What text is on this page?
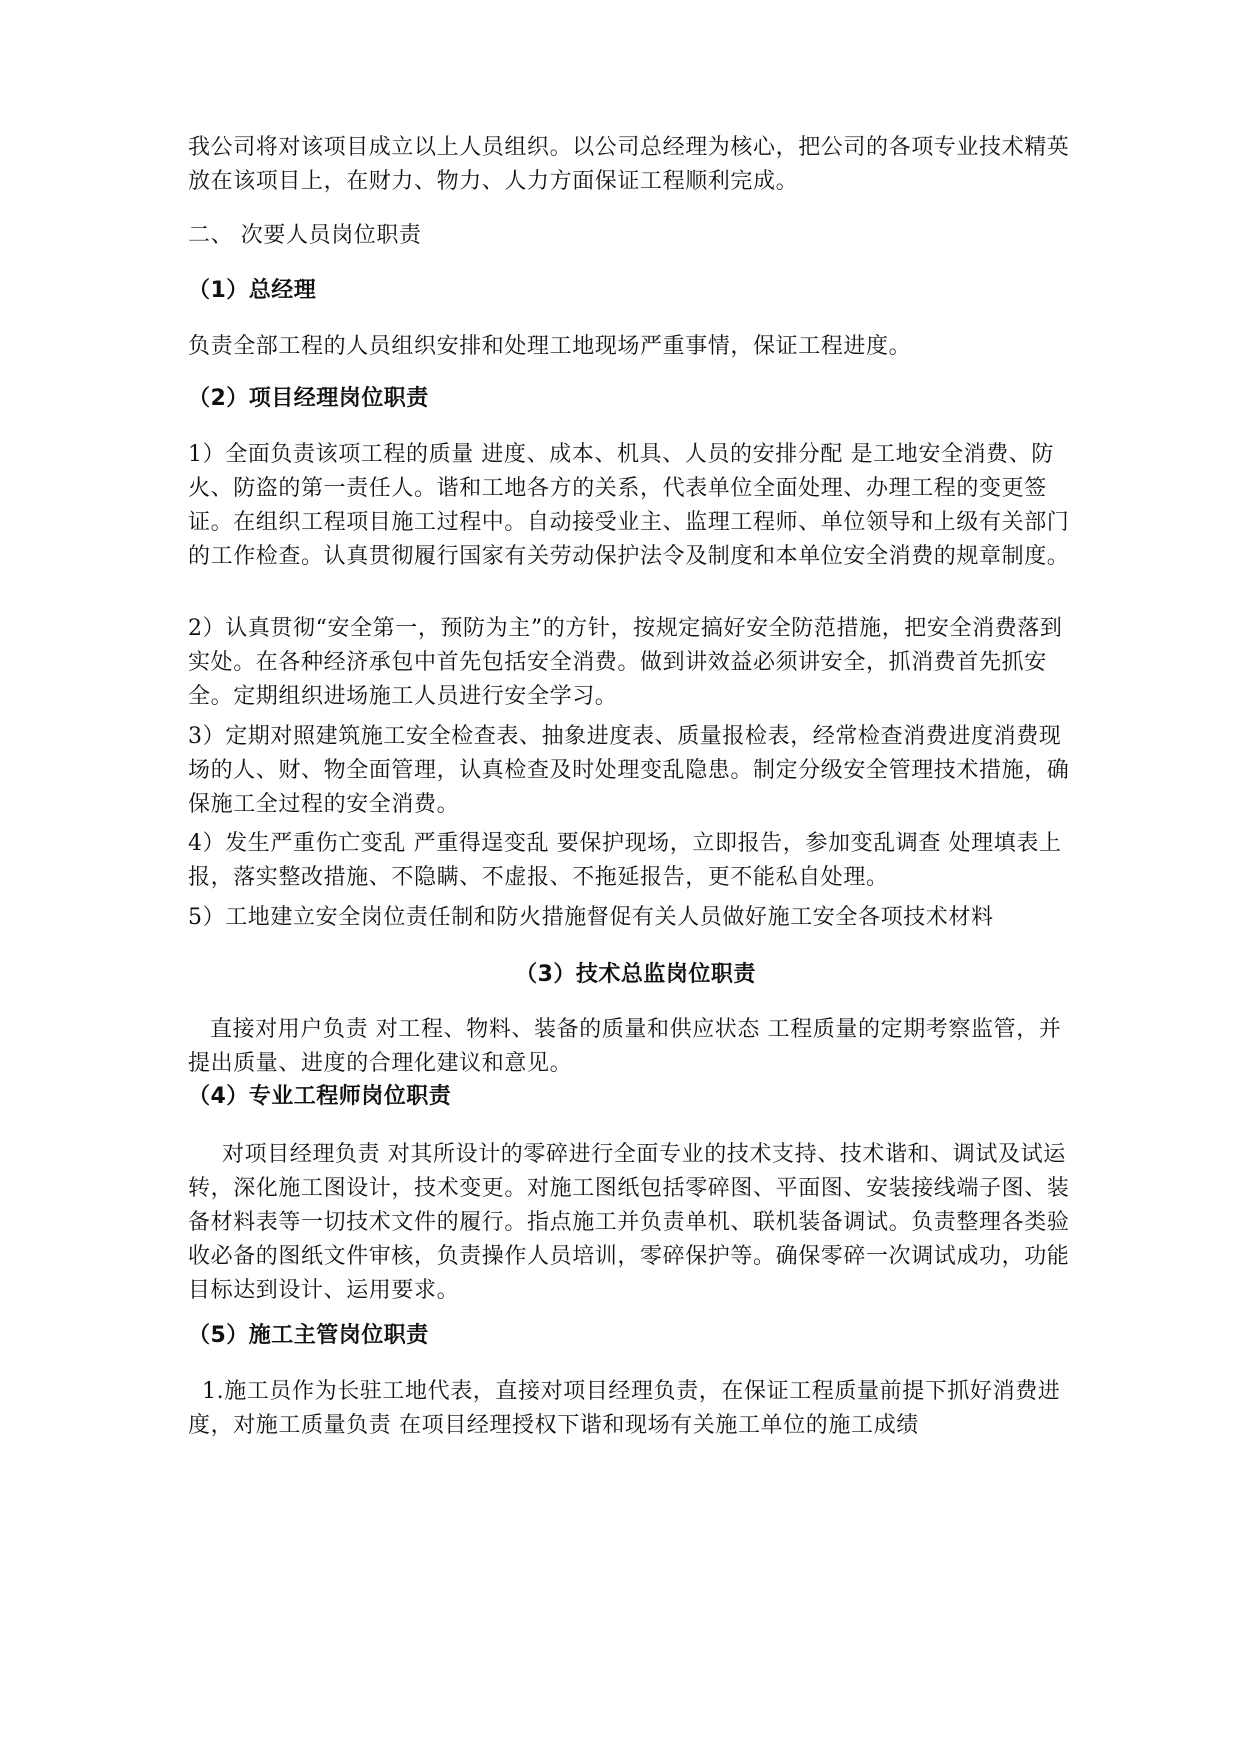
我公司将对该项目成立以上人员组织。以公司总经理为核心，把公司的各项专业技术精英放在该项目上，在财力、物力、人力方面保证工程顺利完成。

二、 次要人员岗位职责

（1）总经理

负责全部工程的人员组织安排和处理工地现场严重事情，保证工程进度。

（2）项目经理岗位职责

1）全面负责该项工程的质量 进度、成本、机具、人员的安排分配 是工地安全消费、防火、防盗的第一责任人。谐和工地各方的关系，代表单位全面处理、办理工程的变更签证。在组织工程项目施工过程中。自动接受业主、监理工程师、单位领导和上级有关部门的工作检查。认真贯彻履行国家有关劳动保护法令及制度和本单位安全消费的规章制度。

2）认真贯彻“安全第一，预防为主”的方针，按规定搞好安全防范措施，把安全消费落到实处。在各种经济承包中首先包括安全消费。做到讲效益必须讲安全，抓消费首先抓安全。定期组织进场施工人员进行安全学习。

3）定期对照建筑施工安全检查表、抽象进度表、质量报检表，经常检查消费进度消费现场的人、财、物全面管理，认真检查及时处理变乱隐患。制定分级安全管理技术措施，确保施工全过程的安全消费。

4）发生严重伤亡变乱 严重得逞变乱 要保护现场，立即报告，参加变乱调查 处理填表上报，落实整改措施、不隐瞒、不虚报、不拖延报告，更不能私自处理。

5）工地建立安全岗位责任制和防火措施督促有关人员做好施工安全各项技术材料

（3）技术总监岗位职责

直接对用户负责 对工程、物料、装备的质量和供应状态 工程质量的定期考察监管，并提出质量、进度的合理化建议和意见。

（4）专业工程师岗位职责

对项目经理负责 对其所设计的零碎进行全面专业的技术支持、技术谐和、调试及试运转，深化施工图设计，技术变更。对施工图纸包括零碎图、平面图、安装接线端子图、装备材料表等一切技术文件的履行。指点施工并负责单机、联机装备调试。负责整理各类验收必备的图纸文件审核，负责操作人员培训，零碎保护等。确保零碎一次调试成功，功能目标达到设计、运用要求。

（5）施工主管岗位职责

1.施工员作为长驻工地代表，直接对项目经理负责，在保证工程质量前提下抓好消费进度，对施工质量负责 在项目经理授权下谐和现场有关施工单位的施工成绩
